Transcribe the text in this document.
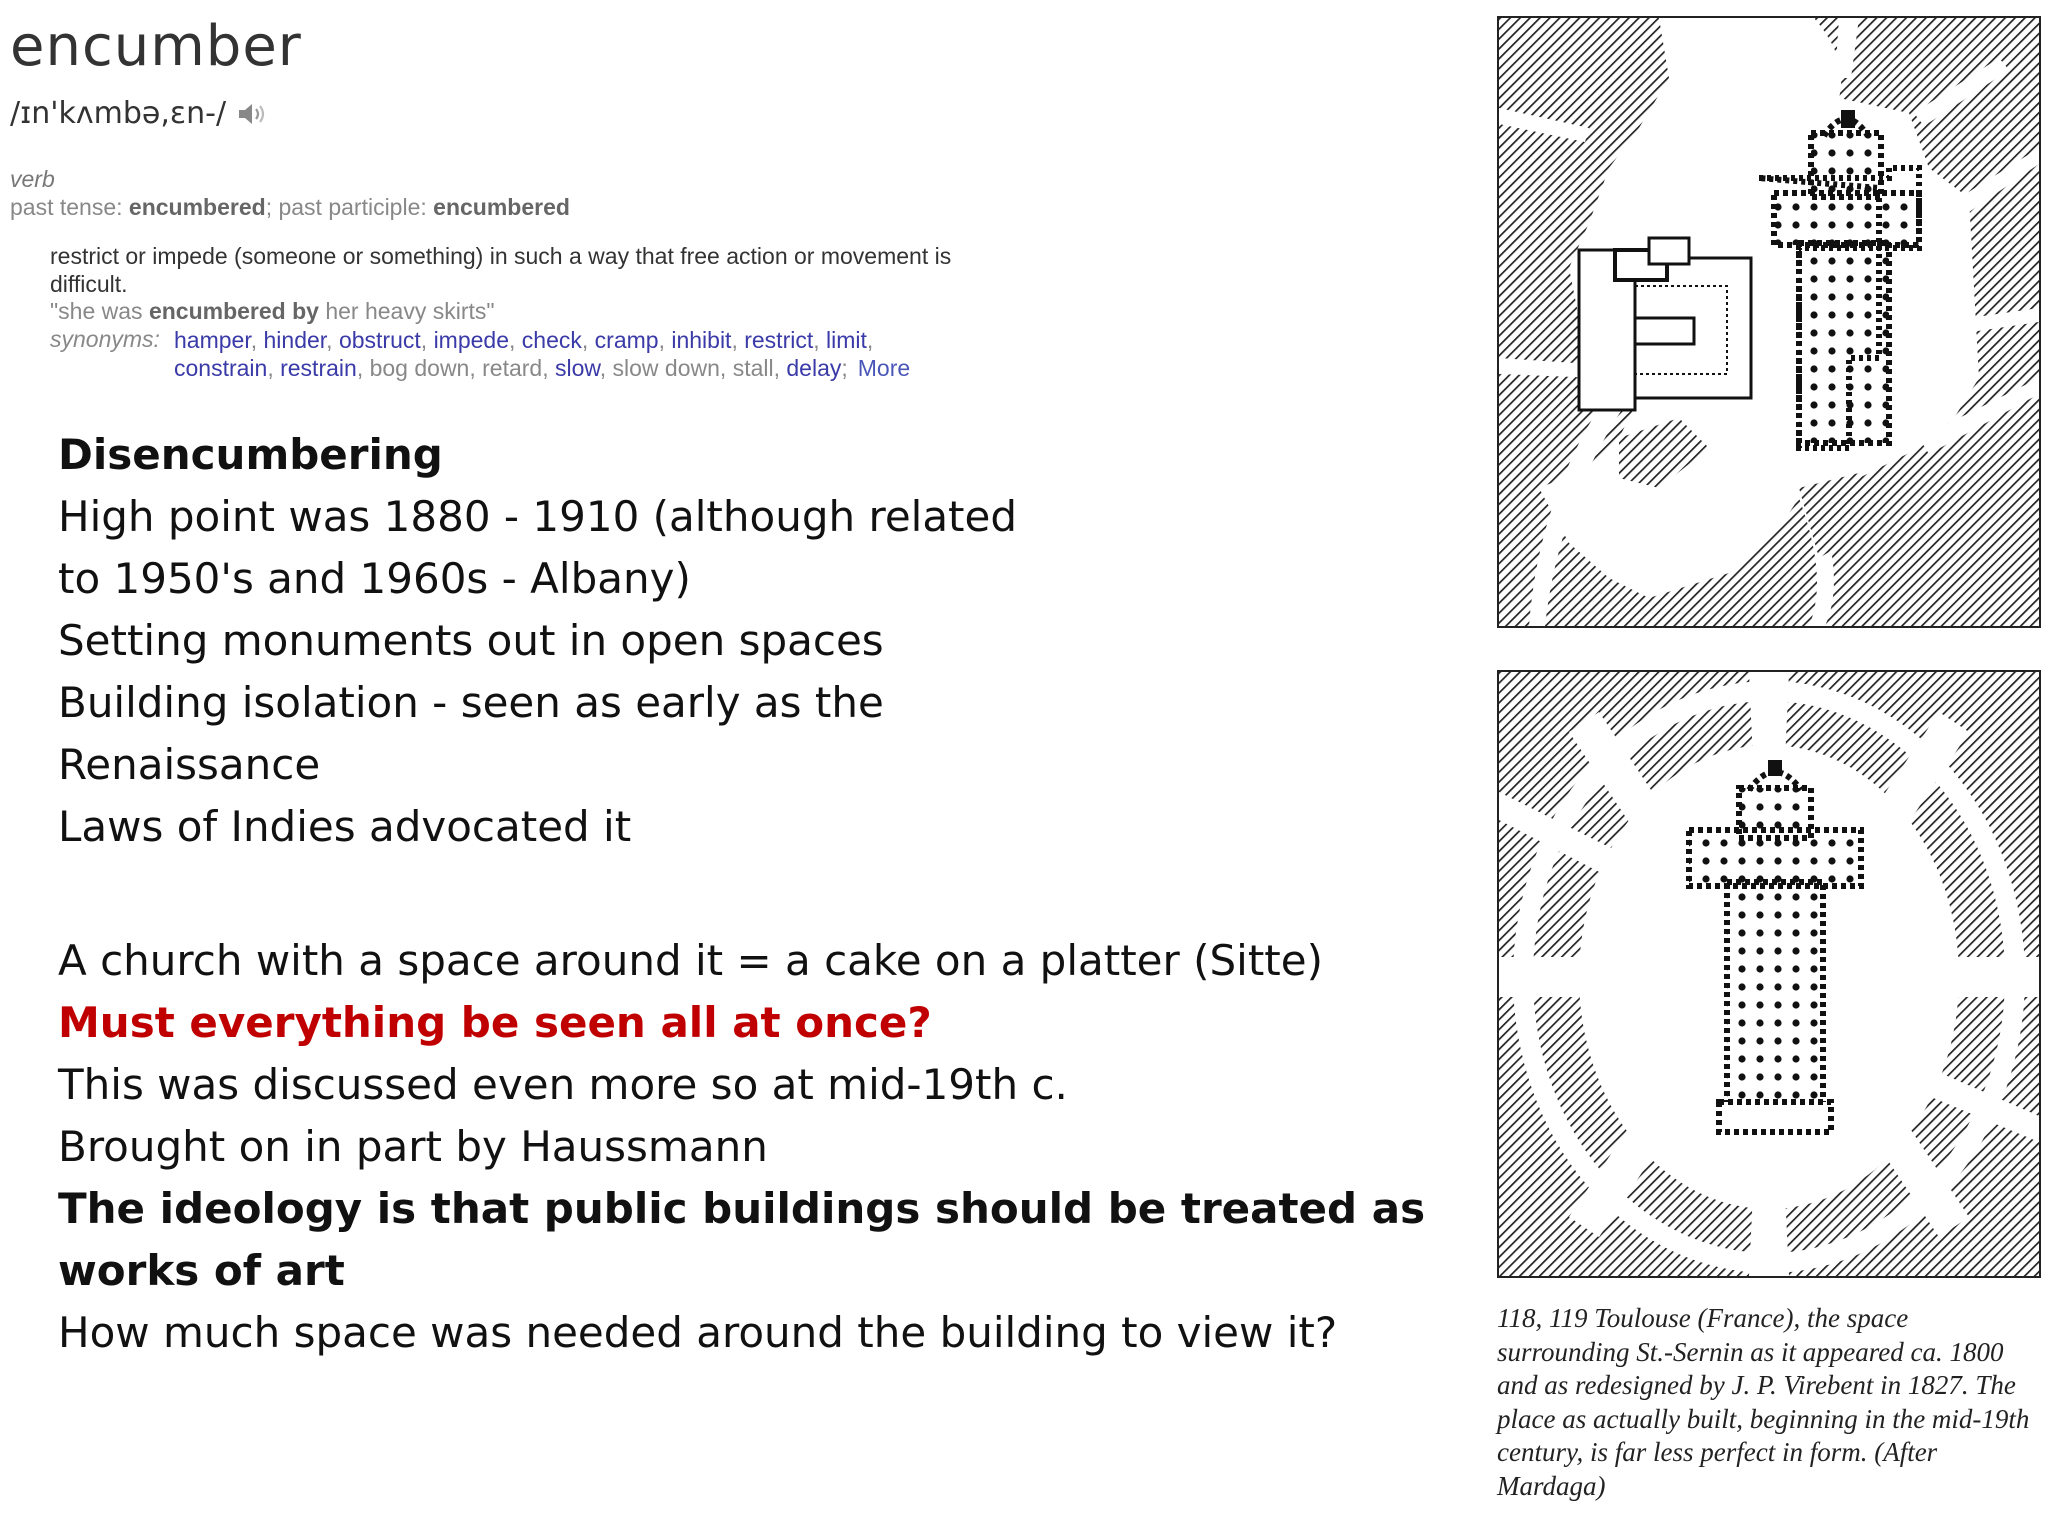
encumber
/ɪn'kʌmbə,ɛn-/
verb
past tense: encumbered; past participle: encumbered
restrict or impede (someone or something) in such a way that free action or movement is difficult.
"she was encumbered by her heavy skirts"
synonyms: hamper, hinder, obstruct, impede, check, cramp, inhibit, restrict, limit,
constrain, restrain, bog down, retard, slow, slow down, stall, delay; More
Disencumbering
High point was 1880 - 1910 (although related
to 1950's and 1960s - Albany)
Setting monuments out in open spaces
Building isolation - seen as early as the
Renaissance
Laws of Indies advocated it
A church with a space around it = a cake on a platter (Sitte)
Must everything be seen all at once?
This was discussed even more so at mid-19th c.
Brought on in part by Haussmann
The ideology is that public buildings should be treated as
works of art
How much space was needed around the building to view it?	118, 119 Toulouse (France), the space surrounding St.-Sernin as it appeared ca. 1800 and as redesigned by J. P. Virebent in 1827. The place as actually built, beginning in the mid-19th century, is far less perfect in form. (After Mardaga)
